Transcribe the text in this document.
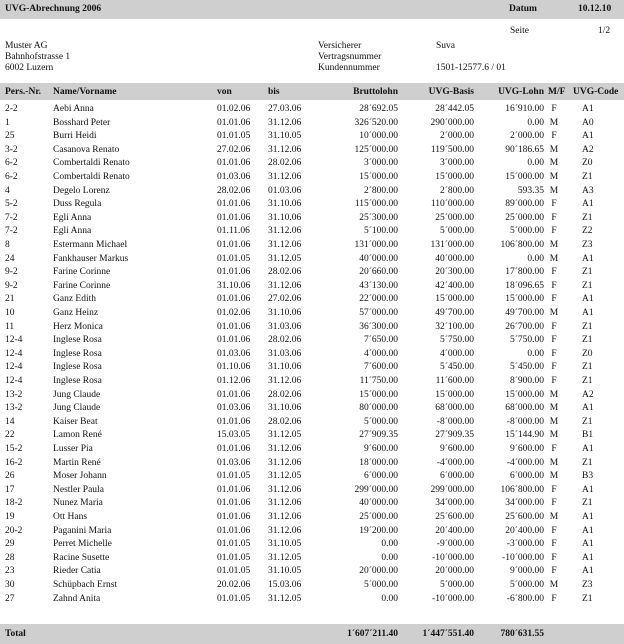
UVG-Abrechnung 2006	Datum	10.12.10
Seite	1/2
Muster AG
Bahnhofstrasse 1
6002 Luzern
Versicherer	Suva
Vertragsnummer
Kundennummer	1501-12577.6 / 01
Pers.-Nr. Name/Vorname	von	bis	Bruttolohn	UVG-Basis	UVG-Lohn M/F UVG-Code
2-2	Aebi Anna	01.02.06 27.03.06	28´692.05	28´442.05	16´910.00 F	A1
1	Bosshard Peter	01.01.06 31.12.06	326´520.00	290´000.00	0.00 M	A0
25	Burri Heidi	01.01.05 31.10.05	10´000.00	2´000.00	2´000.00 F	A1
3-2	Casanova Renato	27.02.06 31.12.06	125´000.00	119´500.00	90´186.65 M	A2
6-2	Combertaldi Renato	01.01.06 28.02.06	3´000.00	3´000.00	0.00 M	Z0
6-2	Combertaldi Renato	01.03.06 31.12.06	15´000.00	15´000.00	15´000.00 M	Z1
4	Degelo Lorenz	28.02.06 01.03.06	2´800.00	2´800.00	593.35 M	A3
5-2	Duss Regula	01.01.06 31.10.06	115´000.00	110´000.00	89´000.00 F	A1
7-2	Egli Anna	01.01.06 31.10.06	25´300.00	25´000.00	25´000.00 F	Z1
7-2	Egli Anna	01.11.06 31.12.06	5´100.00	5´000.00	5´000.00 F	Z2
8	Estermann Michael	01.01.06 31.12.06	131´000.00	131´000.00	106´800.00 M	Z3
24	Fankhauser Markus	01.01.05 31.12.05	40´000.00	40´000.00	0.00 M	A1
9-2	Farine Corinne	01.01.06 28.02.06	20´660.00	20´300.00	17´800.00 F	Z1
9-2	Farine Corinne	31.10.06 31.12.06	43´130.00	42´400.00	18´096.65 F	Z1
21	Ganz Edith	01.01.06 27.02.06	22´000.00	15´000.00	15´000.00 F	A1
10	Ganz Heinz	01.02.06 31.10.06	57´000.00	49´700.00	49´700.00 M	A1
11	Herz Monica	01.01.06 31.03.06	36´300.00	32´100.00	26´700.00 F	Z1
12-4	Inglese Rosa	01.01.06 28.02.06	7´650.00	5´750.00	5´750.00 F	Z1
12-4	Inglese Rosa	01.03.06 31.03.06	4´000.00	4´000.00	0.00 F	Z0
12-4	Inglese Rosa	01.10.06 31.10.06	7´600.00	5´450.00	5´450.00 F	Z1
12-4	Inglese Rosa	01.12.06 31.12.06	11´750.00	11´600.00	8´900.00 F	Z1
13-2	Jung Claude	01.01.06 28.02.06	15´000.00	15´000.00	15´000.00 M	A2
13-2	Jung Claude	01.03.06 31.10.06	80´000.00	68´000.00	68´000.00 M	A1
14	Kaiser Beat	01.01.06 28.02.06	5´000.00	-8´000.00	-8´000.00 M	Z1
22	Lamon René	15.03.05 31.12.05	27´909.35	27´909.35	15´144.90 M	B1
15-2	Lusser Pia	01.01.06 31.12.06	9´600.00	9´600.00	9´600.00 F	A1
16-2	Martin René	01.03.06 31.12.06	18´000.00	-4´000.00	-4´000.00 M	Z1
26	Moser Johann	01.01.05 31.12.05	6´000.00	6´000.00	6´000.00 M	B3
17	Nestler Paula	01.01.06 31.12.06	299´000.00	299´000.00	106´800.00 F	A1
18-2	Nunez Maria	01.01.06 31.12.06	40´000.00	34´000.00	34´000.00 F	Z1
19	Ott Hans	01.01.06 31.12.06	25´000.00	25´600.00	25´600.00 M	A1
20-2	Paganini Maria	01.01.06 31.12.06	19´200.00	20´400.00	20´400.00 F	A1
29	Perret Michelle	01.01.05 31.10.05	0.00	-9´000.00	-3´000.00 F	A1
28	Racine Susette	01.01.05 31.12.05	0.00	-10´000.00	-10´000.00 F	A1
23	Rieder Catia	01.01.05 31.10.05	20´000.00	20´000.00	9´000.00 F	A1
30	Schüpbach Ernst	20.02.06 15.03.06	5´000.00	5´000.00	5´000.00 M	Z3
27	Zahnd Anita	01.01.05 31.12.05	0.00	-10´000.00	-6´800.00 F	Z1
Total	1´607´211.40	1´447´551.40	780´631.55
